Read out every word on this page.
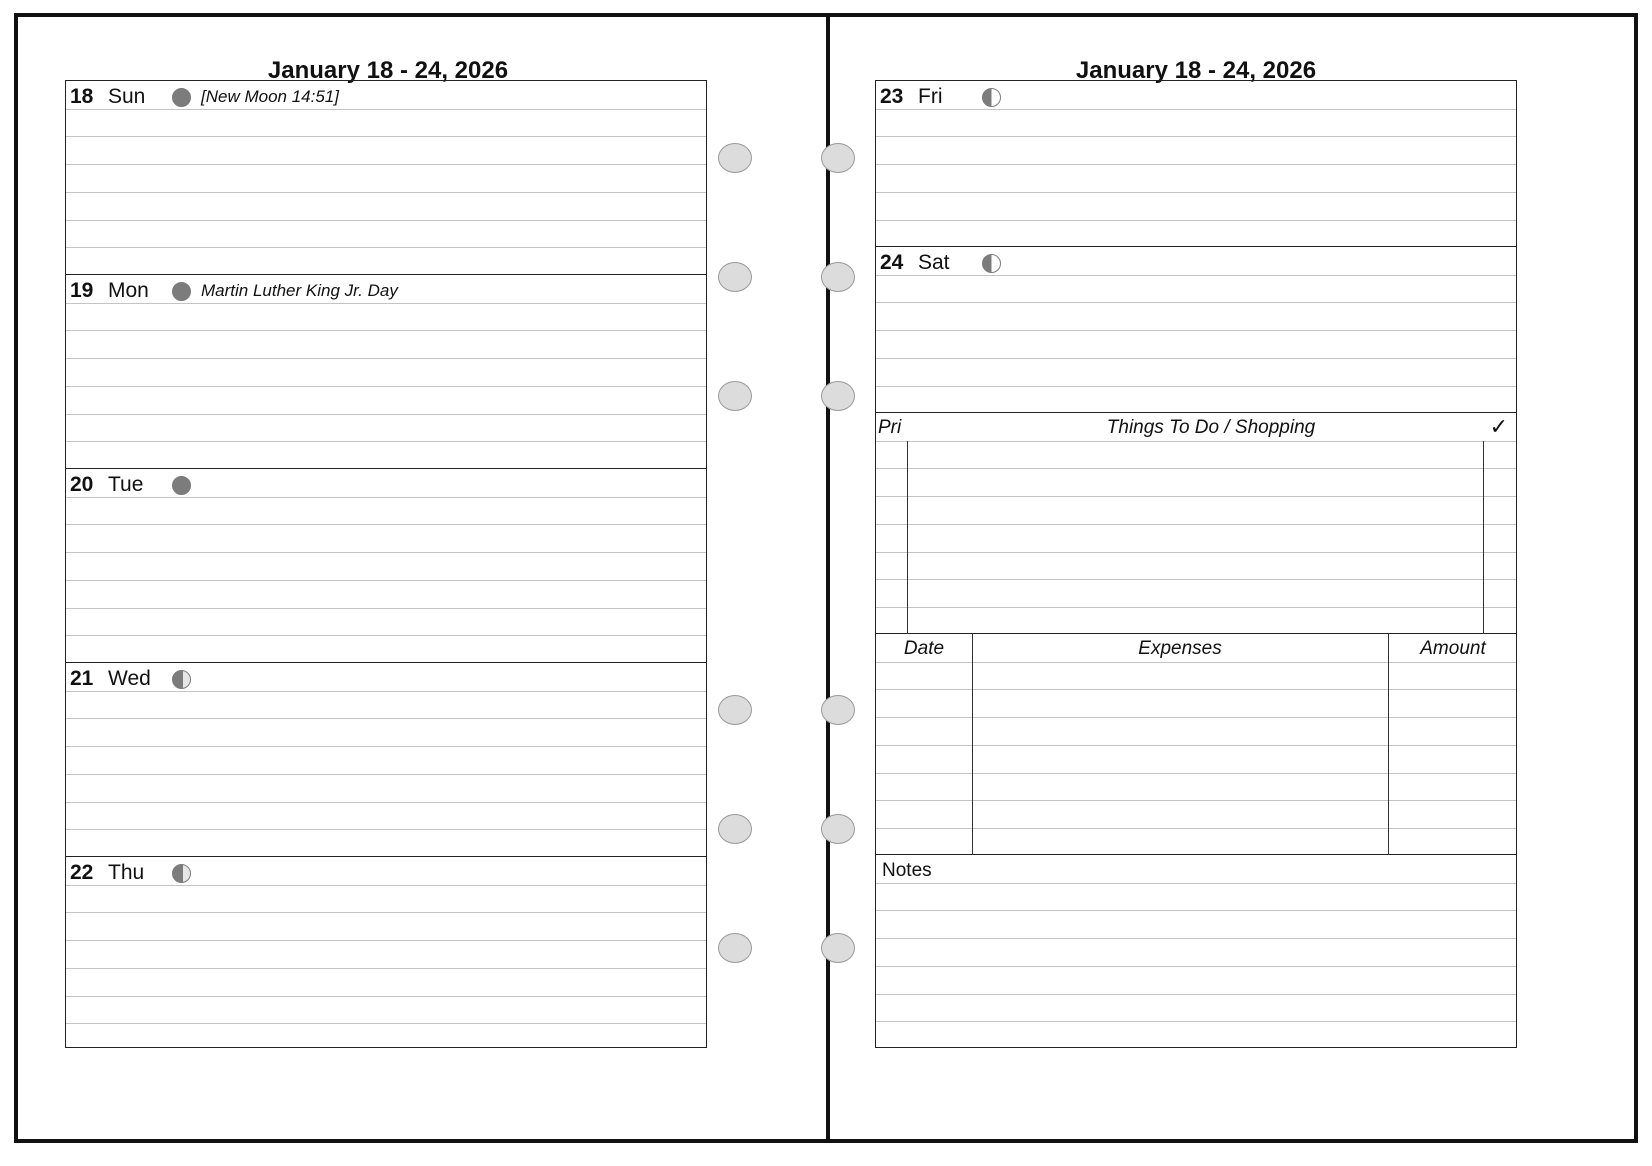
January 18 - 24, 2026
18 Sun	[New Moon 14:51]
19 Mon	Martin Luther King Jr. Day
20 Tue
21 Wed
22 Thu
January 18 - 24, 2026
23 Fri
24 Sat
Pri	Things To Do / Shopping	✓
Date	Expenses	Amount
Notes
